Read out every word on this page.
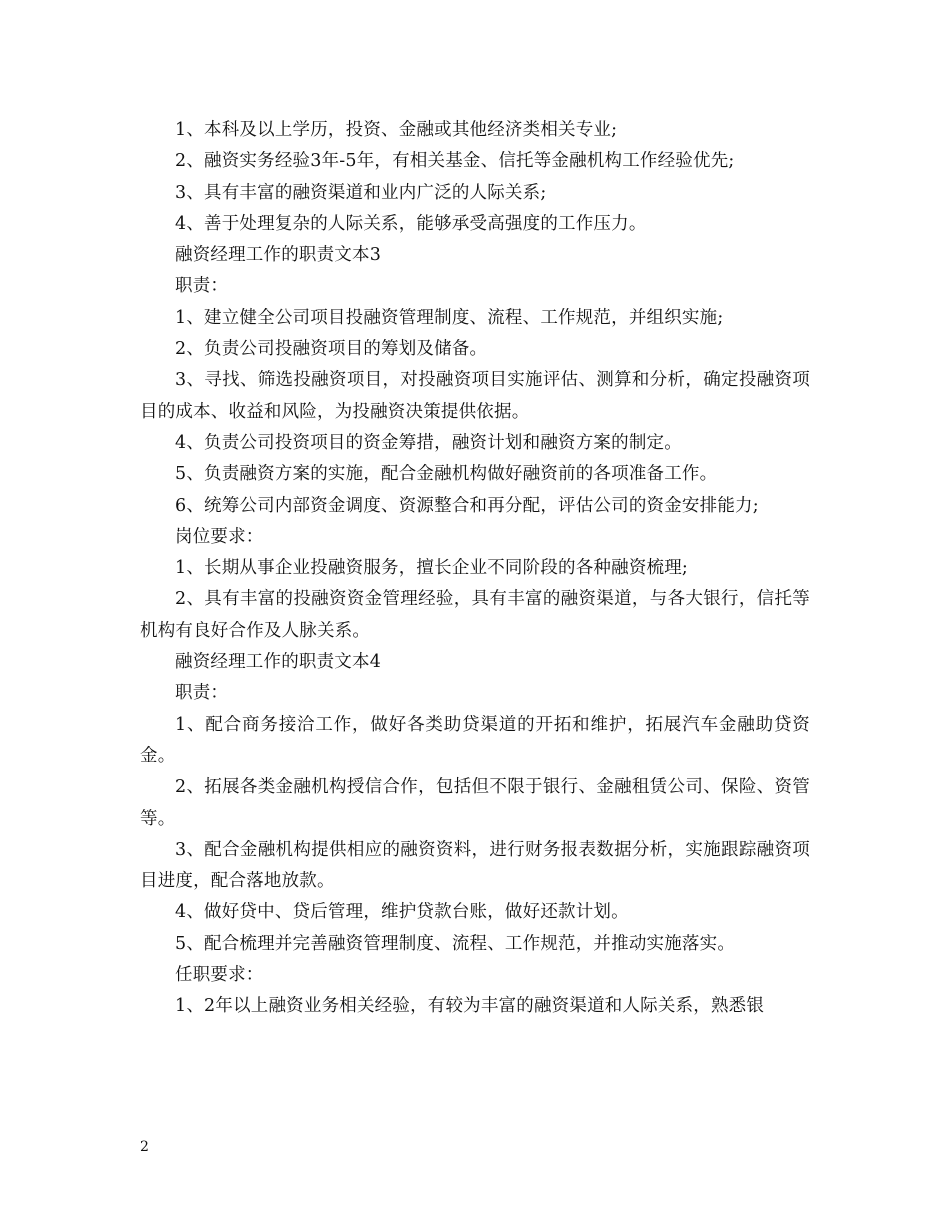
1、本科及以上学历，投资、金融或其他经济类相关专业;

2、融资实务经验3年-5年，有相关基金、信托等金融机构工作经验优先;

3、具有丰富的融资渠道和业内广泛的人际关系;

4、善于处理复杂的人际关系，能够承受高强度的工作压力。

融资经理工作的职责文本3

职责：

1、建立健全公司项目投融资管理制度、流程、工作规范，并组织实施;

2、负责公司投融资项目的筹划及储备。

3、寻找、筛选投融资项目，对投融资项目实施评估、测算和分析，确定投融资项目的成本、收益和风险，为投融资决策提供依据。

4、负责公司投资项目的资金筹措，融资计划和融资方案的制定。

5、负责融资方案的实施，配合金融机构做好融资前的各项准备工作。

6、统筹公司内部资金调度、资源整合和再分配，评估公司的资金安排能力;

岗位要求：

1、长期从事企业投融资服务，擅长企业不同阶段的各种融资梳理;

2、具有丰富的投融资资金管理经验，具有丰富的融资渠道，与各大银行，信托等机构有良好合作及人脉关系。

融资经理工作的职责文本4

职责：

1、配合商务接洽工作，做好各类助贷渠道的开拓和维护，拓展汽车金融助贷资金。

2、拓展各类金融机构授信合作，包括但不限于银行、金融租赁公司、保险、资管等。

3、配合金融机构提供相应的融资资料，进行财务报表数据分析，实施跟踪融资项目进度，配合落地放款。

4、做好贷中、贷后管理，维护贷款台账，做好还款计划。

5、配合梳理并完善融资管理制度、流程、工作规范，并推动实施落实。

任职要求：

1、2年以上融资业务相关经验，有较为丰富的融资渠道和人际关系，熟悉银

2
